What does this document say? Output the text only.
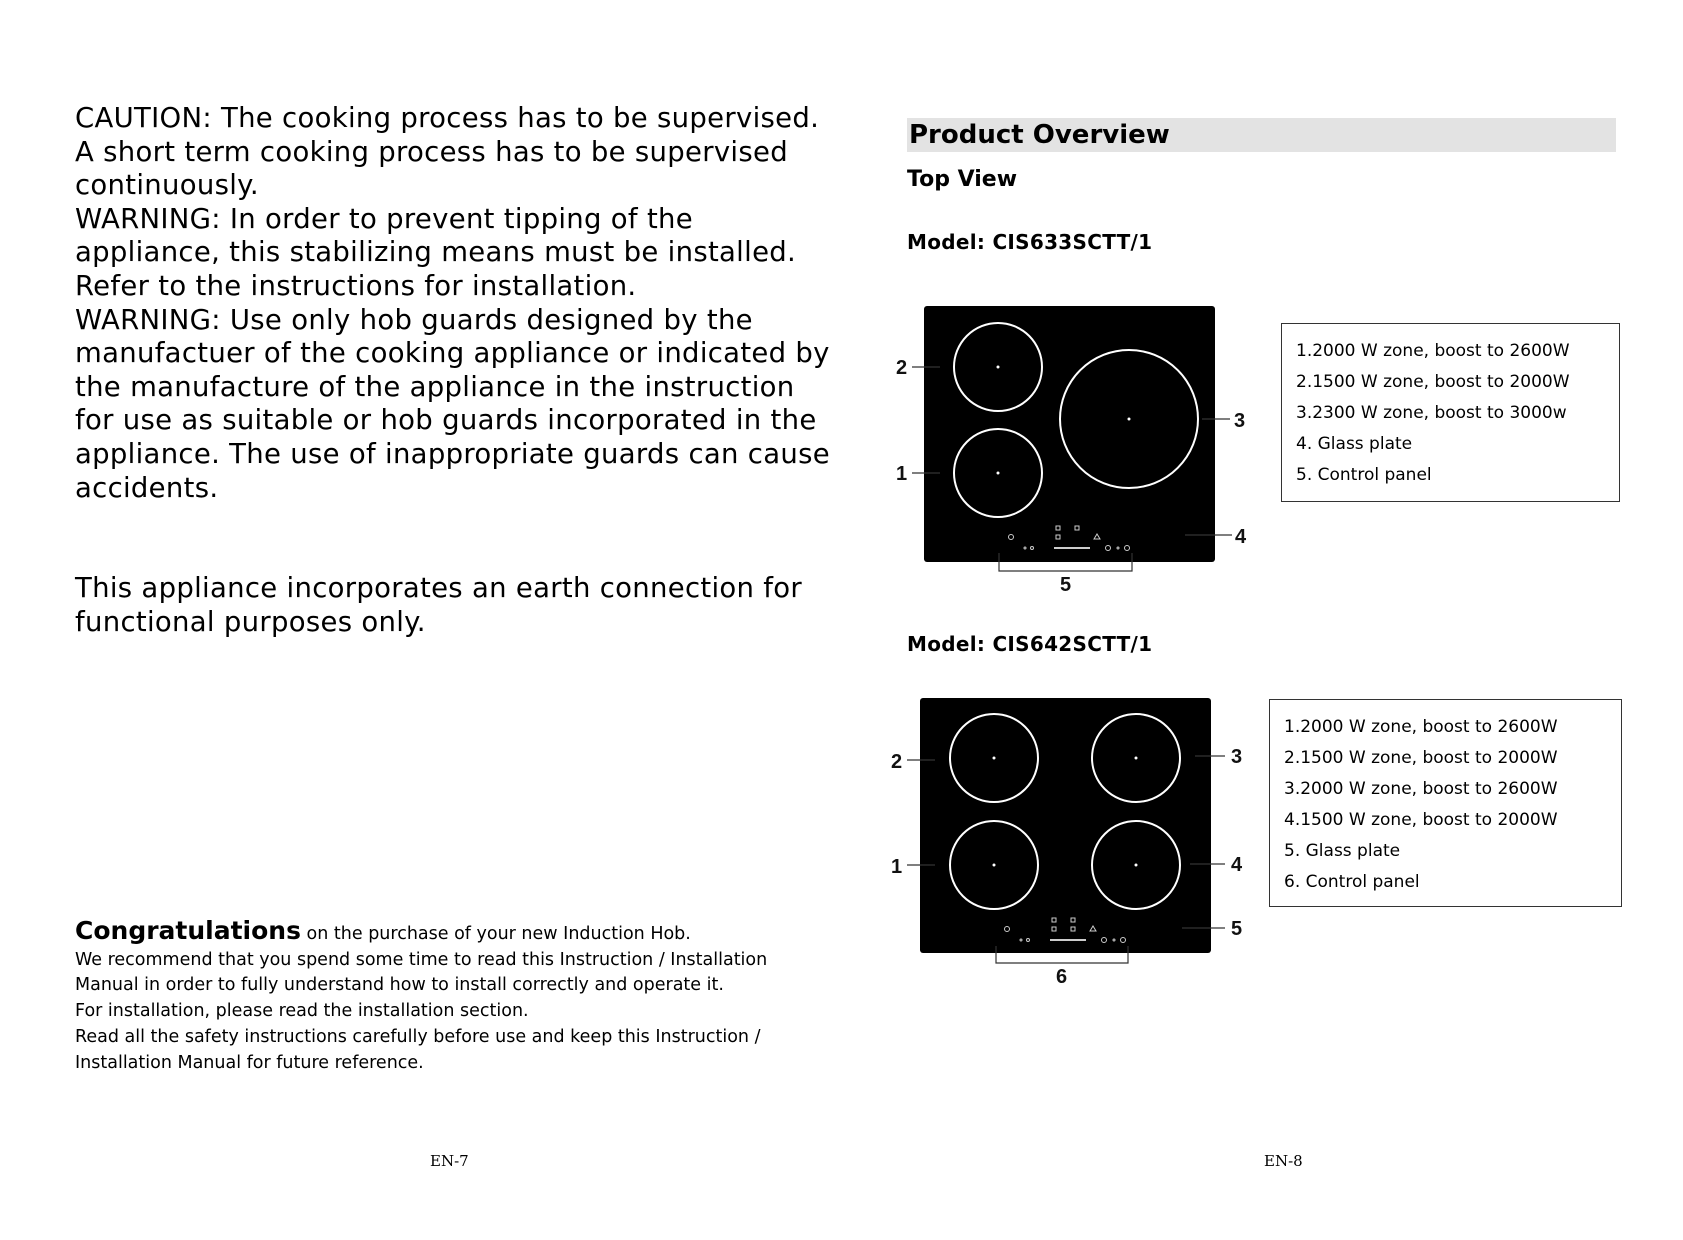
CAUTION: The cooking process has to be supervised. A short term cooking process has to be supervised continuously.

WARNING: In order to prevent tipping of the appliance, this stabilizing means must be installed. Refer to the instructions for installation.

WARNING: Use only hob guards designed by the manufactuer of the cooking appliance or indicated by the manufacture of the appliance in the instruction for use as suitable or hob guards incorporated in the appliance. The use of inappropriate guards can cause accidents.

This appliance incorporates an earth connection for functional purposes only.
Congratulations on the purchase of your new Induction Hob.
We recommend that you spend some time to read this Instruction / Installation
Manual in order to fully understand how to install correctly and operate it.
For installation, please read the installation section.
Read all the safety instructions carefully before use and keep this Instruction /
Installation Manual for future reference.
EN-7
Product Overview
Top View
Model: CIS633SCTT/1
2
1
3
4
5
1.2000 W zone, boost to 2600W
2.1500 W zone, boost to 2000W
3.2300 W zone, boost to 3000w
4. Glass plate
5. Control panel
Model: CIS642SCTT/1
2
1
3
4
5
6
1.2000 W zone, boost to 2600W
2.1500 W zone, boost to 2000W
3.2000 W zone, boost to 2600W
4.1500 W zone, boost to 2000W
5. Glass plate
6. Control panel
EN-8
